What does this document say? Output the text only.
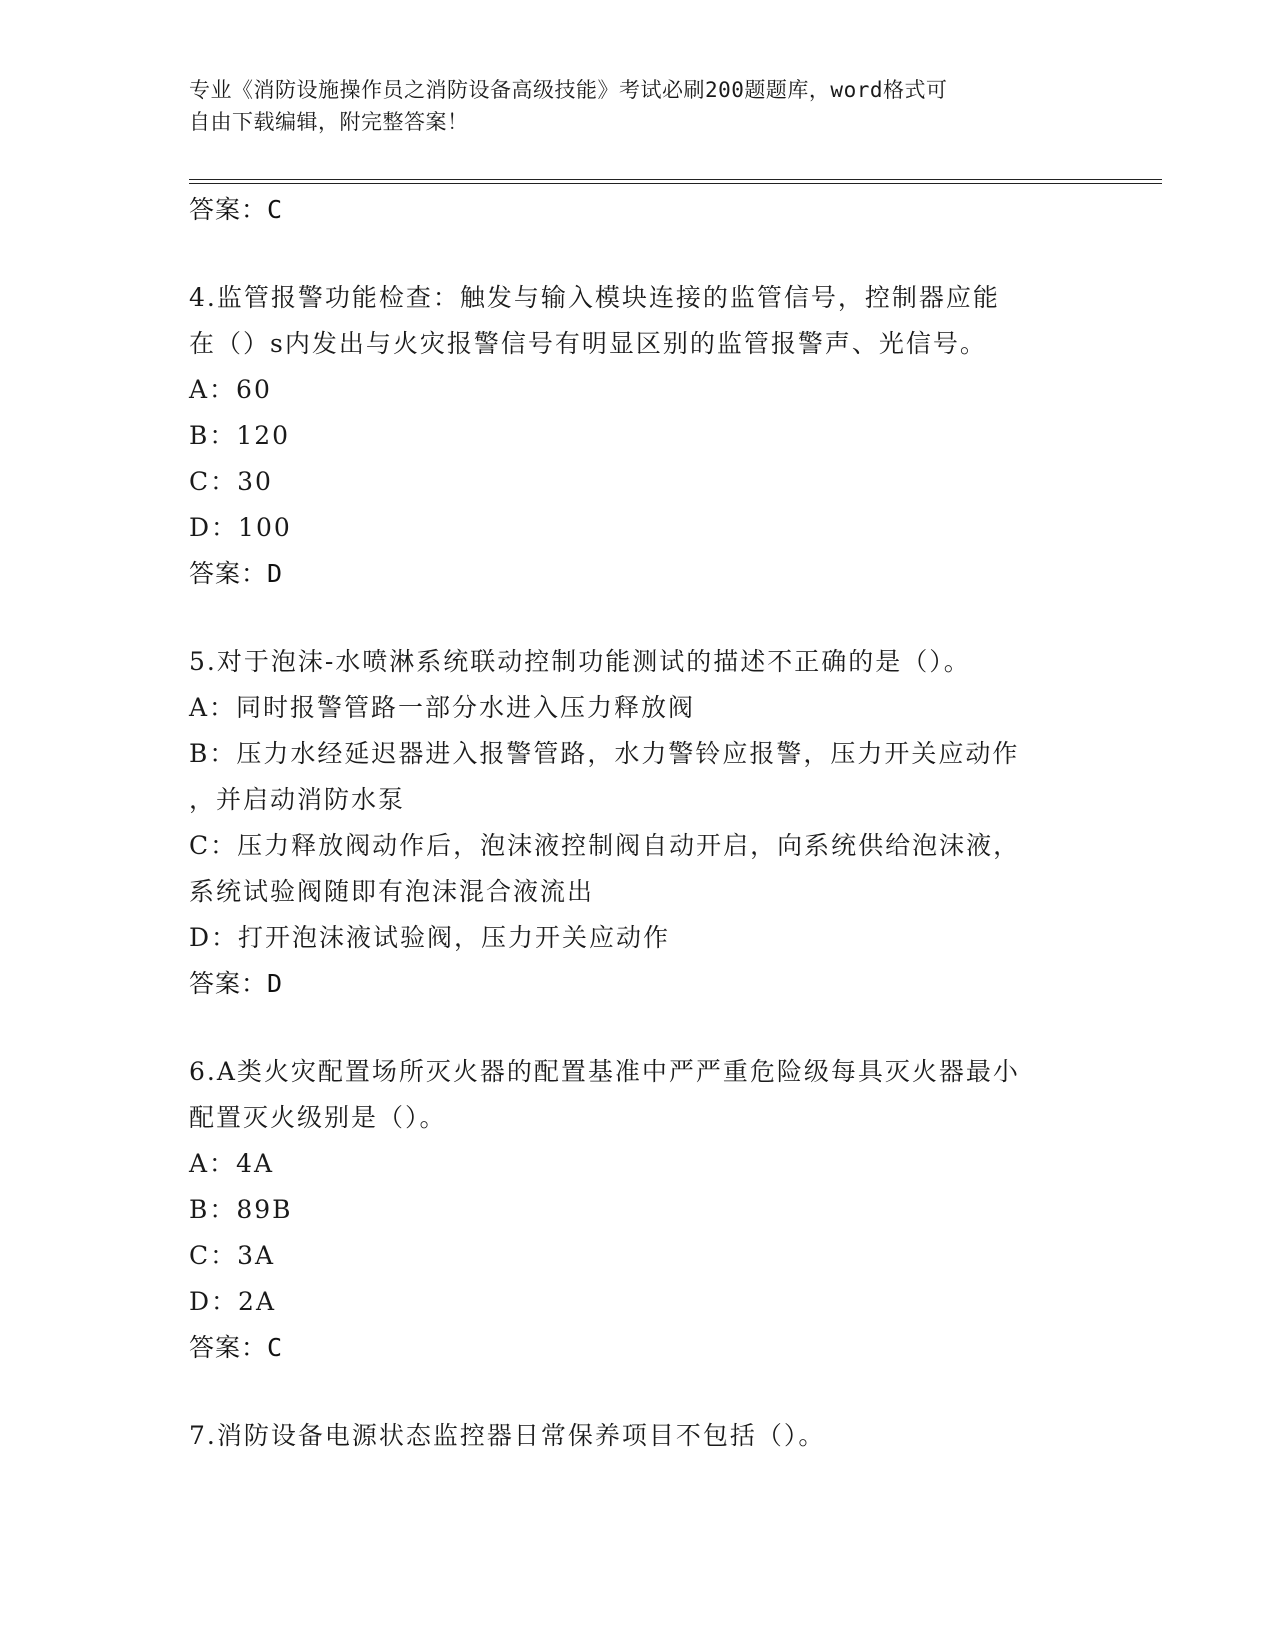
专业《消防设施操作员之消防设备高级技能》考试必刷200题题库，word格式可
自由下载编辑，附完整答案！
答案：C
4.监管报警功能检查：触发与输入模块连接的监管信号，控制器应能
在（）s内发出与火灾报警信号有明显区别的监管报警声、光信号。
A：60
B：120
C：30
D：100
答案：D
5.对于泡沫-水喷淋系统联动控制功能测试的描述不正确的是（）。
A：同时报警管路一部分水进入压力释放阀
B：压力水经延迟器进入报警管路，水力警铃应报警，压力开关应动作
，并启动消防水泵
C：压力释放阀动作后，泡沫液控制阀自动开启，向系统供给泡沫液，
系统试验阀随即有泡沫混合液流出
D：打开泡沫液试验阀，压力开关应动作
答案：D
6.A类火灾配置场所灭火器的配置基准中严严重危险级每具灭火器最小
配置灭火级别是（）。
A：4A
B：89B
C：3A
D：2A
答案：C
7.消防设备电源状态监控器日常保养项目不包括（）。
